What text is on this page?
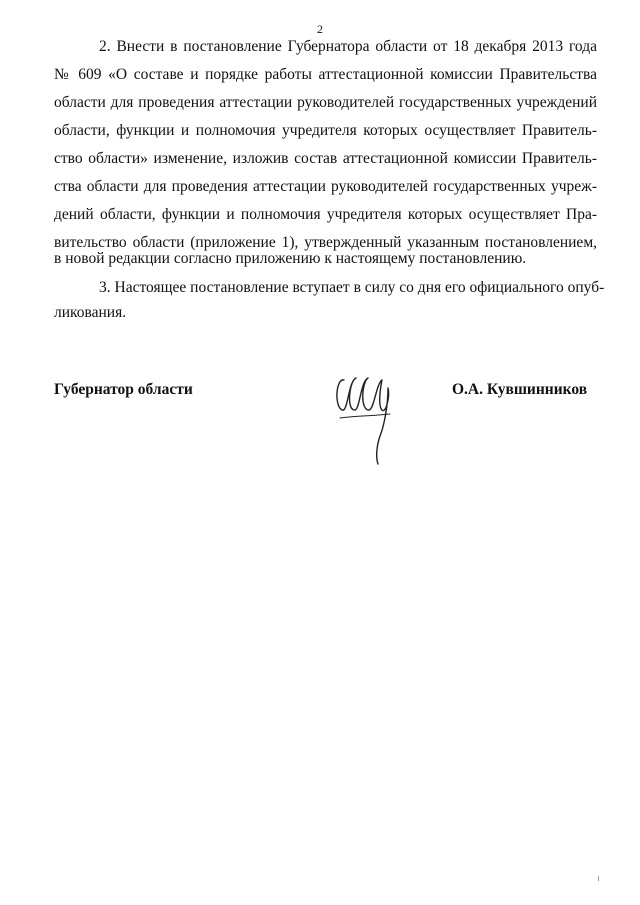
2
2. Внести в постановление Губернатора области от 18 декабря 2013 года
№ 609 «О составе и порядке работы аттестационной комиссии Правительства
области для проведения аттестации руководителей государственных учреждений
области, функции и полномочия учредителя которых осуществляет Правитель-
ство области» изменение, изложив состав аттестационной комиссии Правитель-
ства области для проведения аттестации руководителей государственных учреж-
дений области, функции и полномочия учредителя которых осуществляет Пра-
вительство области (приложение 1), утвержденный указанным постановлением,
в новой редакции согласно приложению к настоящему постановлению.
3. Настоящее постановление вступает в силу со дня его официального опуб-
ликования.
Губернатор области	О.А. Кувшинников
